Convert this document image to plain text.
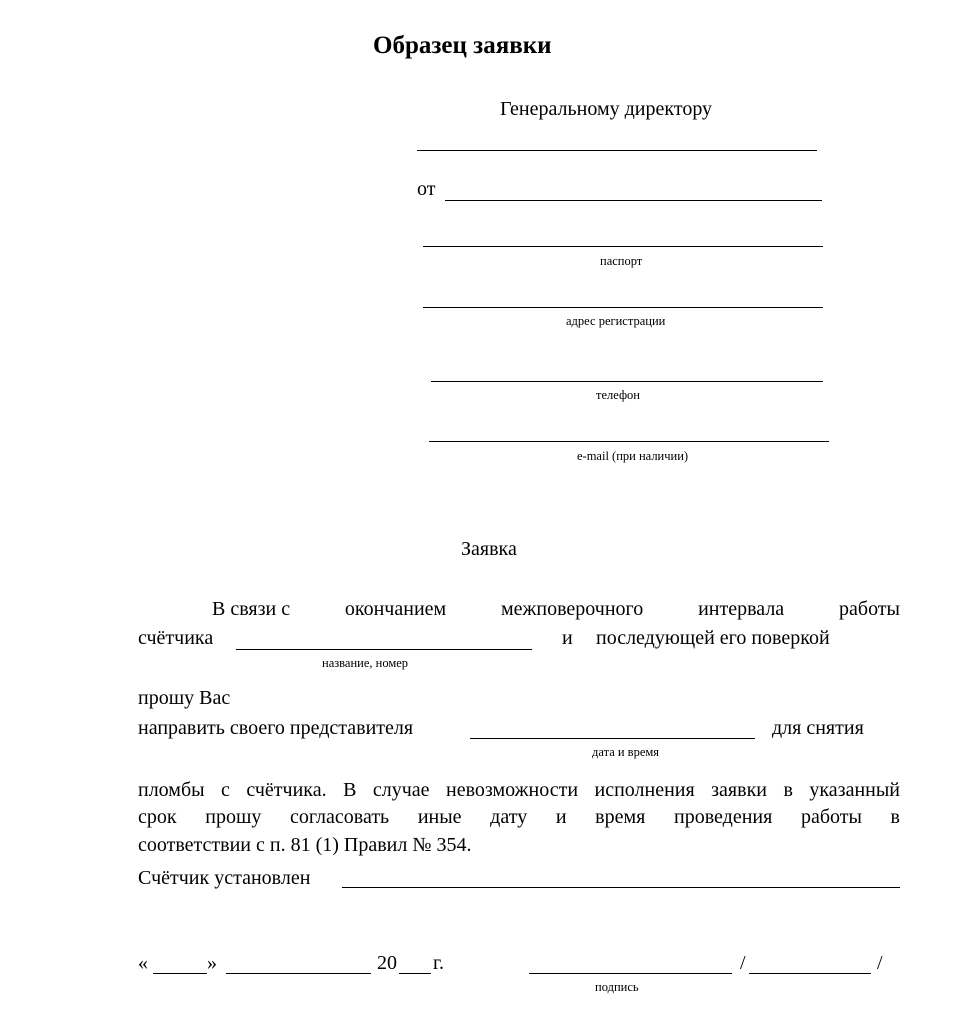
Образец заявки
Генеральному директору
от
паспорт
адрес регистрации
телефон
e-mail (при наличии)
Заявка
В связи с	окончанием	межповерочного	интервала	работы
счётчика	и последующей его поверкой
название, номер
прошу Вас
направить своего представителя	для снятия
дата и время
пломбы с счётчика. В случае невозможности исполнения заявки в указанный
срок прошу согласовать иные дату и время проведения работы в
соответствии с п. 81 (1) Правил № 354.
Счётчик установлен
«	»	20 г.	/	/
подпись
